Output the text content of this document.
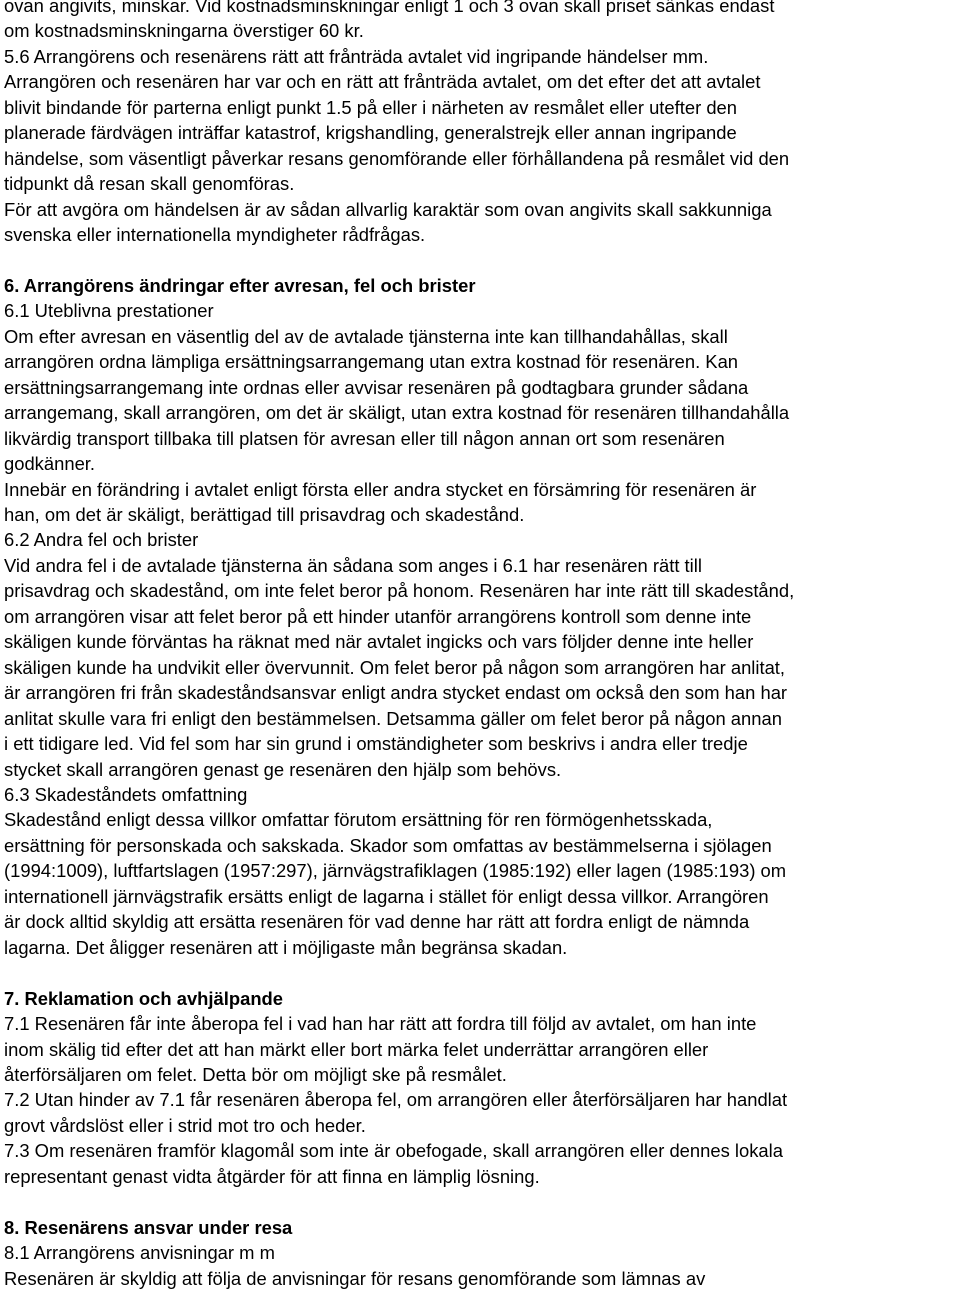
ovan angivits, minskar. Vid kostnadsminskningar enligt 1 och 3 ovan skall priset sänkas endast
om kostnadsminskningarna överstiger 60 kr.
5.6 Arrangörens och resenärens rätt att frånträda avtalet vid ingripande händelser mm.
Arrangören och resenären har var och en rätt att frånträda avtalet, om det efter det att avtalet
blivit bindande för parterna enligt punkt 1.5 på eller i närheten av resmålet eller utefter den
planerade färdvägen inträffar katastrof, krigshandling, generalstrejk eller annan ingripande
händelse, som väsentligt påverkar resans genomförande eller förhållandena på resmålet vid den
tidpunkt då resan skall genomföras.
För att avgöra om händelsen är av sådan allvarlig karaktär som ovan angivits skall sakkunniga
svenska eller internationella myndigheter rådfrågas.
6. Arrangörens ändringar efter avresan, fel och brister
6.1 Uteblivna prestationer
Om efter avresan en väsentlig del av de avtalade tjänsterna inte kan tillhandahållas, skall
arrangören ordna lämpliga ersättningsarrangemang utan extra kostnad för resenären. Kan
ersättningsarrangemang inte ordnas eller avvisar resenären på godtagbara grunder sådana
arrangemang, skall arrangören, om det är skäligt, utan extra kostnad för resenären tillhandahålla
likvärdig transport tillbaka till platsen för avresan eller till någon annan ort som resenären
godkänner.
Innebär en förändring i avtalet enligt första eller andra stycket en försämring för resenären är
han, om det är skäligt, berättigad till prisavdrag och skadestånd.
6.2 Andra fel och brister
Vid andra fel i de avtalade tjänsterna än sådana som anges i 6.1 har resenären rätt till
prisavdrag och skadestånd, om inte felet beror på honom. Resenären har inte rätt till skadestånd,
om arrangören visar att felet beror på ett hinder utanför arrangörens kontroll som denne inte
skäligen kunde förväntas ha räknat med när avtalet ingicks och vars följder denne inte heller
skäligen kunde ha undvikit eller övervunnit. Om felet beror på någon som arrangören har anlitat,
är arrangören fri från skadeståndsansvar enligt andra stycket endast om också den som han har
anlitat skulle vara fri enligt den bestämmelsen. Detsamma gäller om felet beror på någon annan
i ett tidigare led. Vid fel som har sin grund i omständigheter som beskrivs i andra eller tredje
stycket skall arrangören genast ge resenären den hjälp som behövs.
6.3 Skadeståndets omfattning
Skadestånd enligt dessa villkor omfattar förutom ersättning för ren förmögenhetsskada,
ersättning för personskada och sakskada. Skador som omfattas av bestämmelserna i sjölagen
(1994:1009), luftfartslagen (1957:297), järnvägstrafiklagen (1985:192) eller lagen (1985:193) om
internationell järnvägstrafik ersätts enligt de lagarna i stället för enligt dessa villkor. Arrangören
är dock alltid skyldig att ersätta resenären för vad denne har rätt att fordra enligt de nämnda
lagarna. Det åligger resenären att i möjligaste mån begränsa skadan.
7. Reklamation och avhjälpande
7.1 Resenären får inte åberopa fel i vad han har rätt att fordra till följd av avtalet, om han inte
inom skälig tid efter det att han märkt eller bort märka felet underrättar arrangören eller
återförsäljaren om felet. Detta bör om möjligt ske på resmålet.
7.2 Utan hinder av 7.1 får resenären åberopa fel, om arrangören eller återförsäljaren har handlat
grovt vårdslöst eller i strid mot tro och heder.
7.3 Om resenären framför klagomål som inte är obefogade, skall arrangören eller dennes lokala
representant genast vidta åtgärder för att finna en lämplig lösning.
8. Resenärens ansvar under resa
8.1 Arrangörens anvisningar m m
Resenären är skyldig att följa de anvisningar för resans genomförande som lämnas av
